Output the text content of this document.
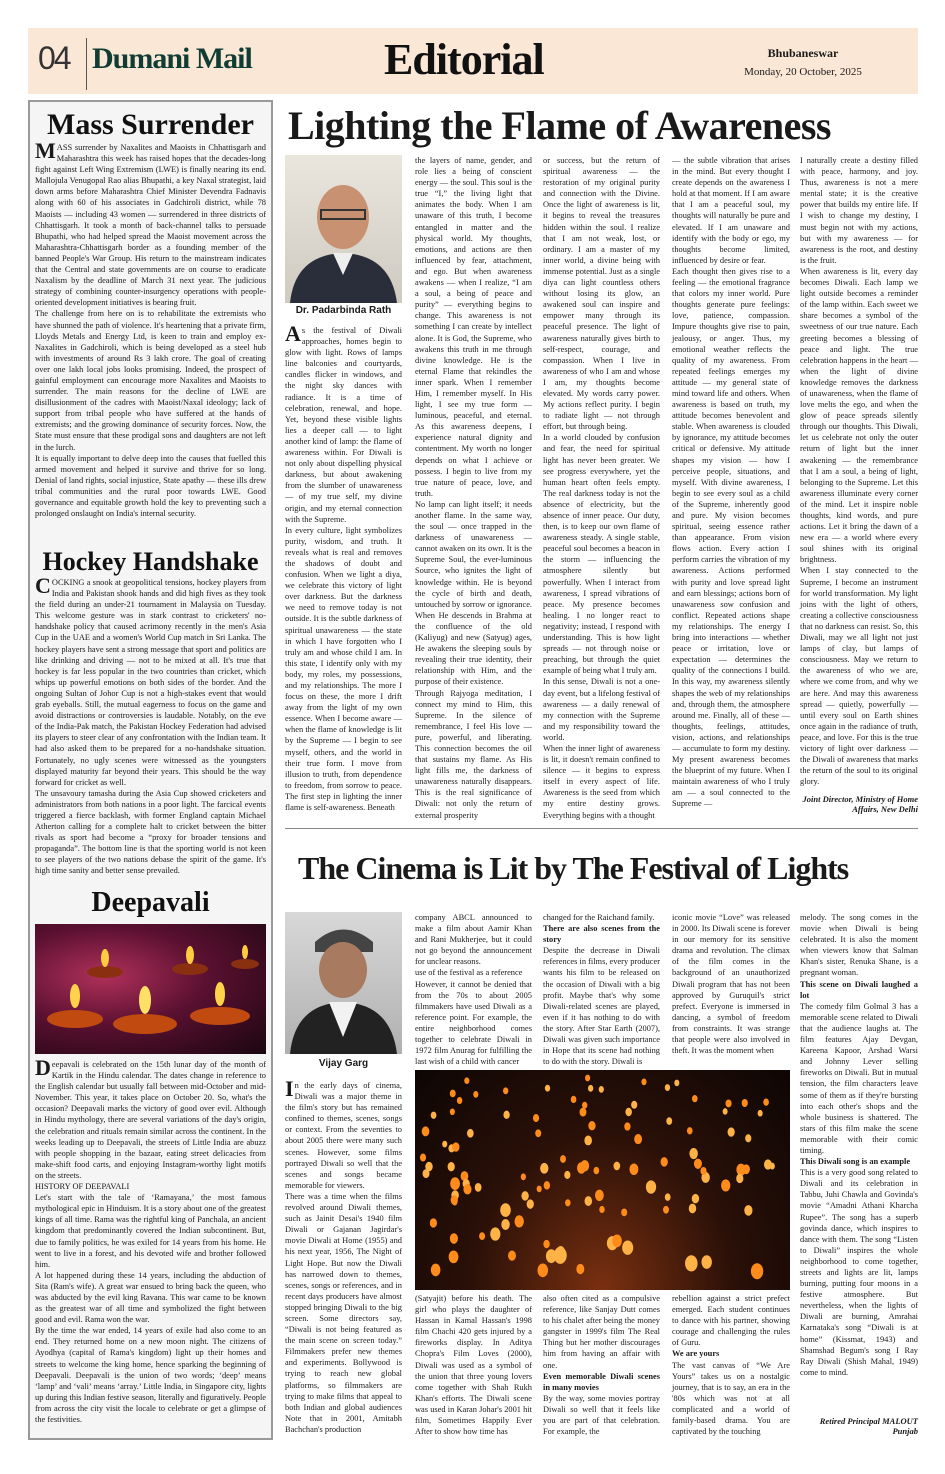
04 Dumani Mail	Editorial	Bhubaneswar
Monday, 20 October, 2025
Mass Surrender

MASS surrender by Naxalites and Maoists in Chhattisgarh and Maharashtra this week has raised hopes that the decades-long fight against Left Wing Extremism (LWE) is finally nearing its end. Mallojula Venugopal Rao alias Bhupathi, a key Naxal strategist, laid down arms before Maharashtra Chief Minister Devendra Fadnavis along with 60 of his associates in Gadchiroli district, while 78 Maoists — including 43 women — surrendered in three districts of Chhattisgarh. It took a month of back-channel talks to persuade Bhupathi, who had helped spread the Maoist movement across the Maharashtra-Chhattisgarh border as a founding member of the banned People's War Group. His return to the mainstream indicates that the Central and state governments are on course to eradicate Naxalism by the deadline of March 31 next year. The judicious strategy of combining counter-insurgency operations with people-oriented development initiatives is bearing fruit.

The challenge from here on is to rehabilitate the extremists who have shunned the path of violence. It's heartening that a private firm, Lloyds Metals and Energy Ltd, is keen to train and employ ex-Naxalites in Gadchiroli, which is being developed as a steel hub with investments of around Rs 3 lakh crore. The goal of creating over one lakh local jobs looks promising. Indeed, the prospect of gainful employment can encourage more Naxalites and Maoists to surrender. The main reasons for the decline of LWE are disillusionment of the cadres with Maoist/Naxal ideology; lack of support from tribal people who have suffered at the hands of extremists; and the growing dominance of security forces. Now, the State must ensure that these prodigal sons and daughters are not left in the lurch.

It is equally important to delve deep into the causes that fuelled this armed movement and helped it survive and thrive for so long. Denial of land rights, social injustice, State apathy — these ills drew tribal communities and the rural poor towards LWE. Good governance and equitable growth hold the key to preventing such a prolonged onslaught on India's internal security.

Hockey Handshake

COCKING a snook at geopolitical tensions, hockey players from India and Pakistan shook hands and did high fives as they took the field during an under-21 tournament in Malaysia on Tuesday. This welcome gesture was in stark contrast to cricketers' no-handshake policy that caused acrimony recently in the men's Asia Cup in the UAE and a women's World Cup match in Sri Lanka. The hockey players have sent a strong message that sport and politics are like drinking and driving — not to be mixed at all. It's true that hockey is far less popular in the two countries than cricket, which whips up powerful emotions on both sides of the border. And the ongoing Sultan of Johor Cup is not a high-stakes event that would grab eyeballs. Still, the mutual eagerness to focus on the game and avoid distractions or controversies is laudable. Notably, on the eve of the India-Pak match, the Pakistan Hockey Federation had advised its players to steer clear of any confrontation with the Indian team. It had also asked them to be prepared for a no-handshake situation. Fortunately, no ugly scenes were witnessed as the youngsters displayed maturity far beyond their years. This should be the way forward for cricket as well.

The unsavoury tamasha during the Asia Cup showed cricketers and administrators from both nations in a poor light. The farcical events triggered a fierce backlash, with former England captain Michael Atherton calling for a complete halt to cricket between the bitter rivals as sport had become a “proxy for broader tensions and propaganda”. The bottom line is that the sporting world is not keen to see players of the two nations debase the spirit of the game. It's high time sanity and better sense prevailed.

Deepavali

Deepavali is celebrated on the 15th lunar day of the month of Kartik in the Hindu calendar. The dates change in reference to the English calendar but usually fall between mid-October and mid-November. This year, it takes place on October 20. So, what's the occasion? Deepavali marks the victory of good over evil. Although in Hindu mythology, there are several variations of the day's origin, the celebration and rituals remain similar across the continent. In the weeks leading up to Deepavali, the streets of Little India are abuzz with people shopping in the bazaar, eating street delicacies from make-shift food carts, and enjoying Instagram-worthy light motifs on the streets.

HISTORY OF DEEPAVALI

Let's start with the tale of ‘Ramayana,’ the most famous mythological epic in Hinduism. It is a story about one of the greatest kings of all time. Rama was the rightful king of Panchala, an ancient kingdom that predominantly covered the Indian subcontinent. But, due to family politics, he was exiled for 14 years from his home. He went to live in a forest, and his devoted wife and brother followed him.

A lot happened during these 14 years, including the abduction of Sita (Ram's wife). A great war ensued to bring back the queen, who was abducted by the evil king Ravana. This war came to be known as the greatest war of all time and symbolized the fight between good and evil. Rama won the war.

By the time the war ended, 14 years of exile had also come to an end. They returned home on a new moon night. The citizens of Ayodhya (capital of Rama's kingdom) light up their homes and streets to welcome the king home, hence sparking the beginning of Deepavali. Deepavali is the union of two words; ‘deep’ means ‘lamp’ and ‘vali’ means ‘array.’ Little India, in Singapore city, lights up during this Indian festive season, literally and figuratively. People from across the city visit the locale to celebrate or get a glimpse of the festivities.

Lighting the Flame of Awareness
Dr. Padarbinda Rath

As the festival of Diwali approaches, homes begin to glow with light. Rows of lamps line balconies and courtyards, candles flicker in windows, and the night sky dances with radiance. It is a time of celebration, renewal, and hope. Yet, beyond these visible lights lies a deeper call — to light another kind of lamp: the flame of awareness within. For Diwali is not only about dispelling physical darkness, but about awakening from the slumber of unawareness — of my true self, my divine origin, and my eternal connection with the Supreme.

In every culture, light symbolizes purity, wisdom, and truth. It reveals what is real and removes the shadows of doubt and confusion. When we light a diya, we celebrate this victory of light over darkness. But the darkness we need to remove today is not outside. It is the subtle darkness of spiritual unawareness — the state in which I have forgotten who I truly am and whose child I am. In this state, I identify only with my body, my roles, my possessions, and my relationships. The more I focus on these, the more I drift away from the light of my own essence. When I become aware — when the flame of knowledge is lit by the Supreme — I begin to see myself, others, and the world in their true form. I move from illusion to truth, from dependence to freedom, from sorrow to peace. The first step in lighting the inner flame is self-awareness. Beneath

the layers of name, gender, and role lies a being of conscient energy — the soul. This soul is the true “I,” the living light that animates the body. When I am unaware of this truth, I become entangled in matter and the physical world. My thoughts, emotions, and actions are then influenced by fear, attachment, and ego. But when awareness awakens — when I realize, “I am a soul, a being of peace and purity” — everything begins to change. This awareness is not something I can create by intellect alone. It is God, the Supreme, who awakens this truth in me through divine knowledge. He is the eternal Flame that rekindles the inner spark. When I remember Him, I remember myself. In His light, I see my true form — luminous, peaceful, and eternal. As this awareness deepens, I experience natural dignity and contentment. My worth no longer depends on what I achieve or possess. I begin to live from my true nature of peace, love, and truth.

No lamp can light itself; it needs another flame. In the same way, the soul — once trapped in the darkness of unawareness — cannot awaken on its own. It is the Supreme Soul, the ever-luminous Source, who ignites the light of knowledge within. He is beyond the cycle of birth and death, untouched by sorrow or ignorance. When He descends in Brahma at the confluence of the old (Kaliyug) and new (Satyug) ages, He awakens the sleeping souls by revealing their true identity, their relationship with Him, and the purpose of their existence.

Through Rajyoga meditation, I connect my mind to Him, this Supreme. In the silence of remembrance, I feel His love — pure, powerful, and liberating. This connection becomes the oil that sustains my flame. As His light fills me, the darkness of unawareness naturally disappears. This is the real significance of Diwali: not only the return of external prosperity

or success, but the return of spiritual awareness — the restoration of my original purity and connection with the Divine. Once the light of awareness is lit, it begins to reveal the treasures hidden within the soul. I realize that I am not weak, lost, or ordinary. I am a master of my inner world, a divine being with immense potential. Just as a single diya can light countless others without losing its glow, an awakened soul can inspire and empower many through its peaceful presence. The light of awareness naturally gives birth to self-respect, courage, and compassion. When I live in awareness of who I am and whose I am, my thoughts become elevated. My words carry power. My actions reflect purity. I begin to radiate light — not through effort, but through being.

In a world clouded by confusion and fear, the need for spiritual light has never been greater. We see progress everywhere, yet the human heart often feels empty. The real darkness today is not the absence of electricity, but the absence of inner peace. Our duty, then, is to keep our own flame of awareness steady. A single stable, peaceful soul becomes a beacon in the storm — influencing the atmosphere silently but powerfully. When I interact from awareness, I spread vibrations of peace. My presence becomes healing. I no longer react to negativity; instead, I respond with understanding. This is how light spreads — not through noise or preaching, but through the quiet example of being what I truly am.

In this sense, Diwali is not a one-day event, but a lifelong festival of awareness — a daily renewal of my connection with the Supreme and my responsibility toward the world.

When the inner light of awareness is lit, it doesn't remain confined to silence — it begins to express itself in every aspect of life. Awareness is the seed from which my entire destiny grows. Everything begins with a thought

— the subtle vibration that arises in the mind. But every thought I create depends on the awareness I hold at that moment. If I am aware that I am a peaceful soul, my thoughts will naturally be pure and elevated. If I am unaware and identify with the body or ego, my thoughts become limited, influenced by desire or fear.

Each thought then gives rise to a feeling — the emotional fragrance that colors my inner world. Pure thoughts generate pure feelings: love, patience, compassion. Impure thoughts give rise to pain, jealousy, or anger. Thus, my emotional weather reflects the quality of my awareness. From repeated feelings emerges my attitude — my general state of mind toward life and others. When awareness is based on truth, my attitude becomes benevolent and stable. When awareness is clouded by ignorance, my attitude becomes critical or defensive. My attitude shapes my vision — how I perceive people, situations, and myself. With divine awareness, I begin to see every soul as a child of the Supreme, inherently good and pure. My vision becomes spiritual, seeing essence rather than appearance. From vision flows action. Every action I perform carries the vibration of my awareness. Actions performed with purity and love spread light and earn blessings; actions born of unawareness sow confusion and conflict. Repeated actions shape my relationships. The energy I bring into interactions — whether peace or irritation, love or expectation — determines the quality of the connections I build. In this way, my awareness silently shapes the web of my relationships and, through them, the atmosphere around me. Finally, all of these — thoughts, feelings, attitudes, vision, actions, and relationships — accumulate to form my destiny. My present awareness becomes the blueprint of my future. When I maintain awareness of who I truly am — a soul connected to the Supreme —

I naturally create a destiny filled with peace, harmony, and joy. Thus, awareness is not a mere mental state; it is the creative power that builds my entire life. If I wish to change my destiny, I must begin not with my actions, but with my awareness — for awareness is the root, and destiny is the fruit.

When awareness is lit, every day becomes Diwali. Each lamp we light outside becomes a reminder of the lamp within. Each sweet we share becomes a symbol of the sweetness of our true nature. Each greeting becomes a blessing of peace and light. The true celebration happens in the heart — when the light of divine knowledge removes the darkness of unawareness, when the flame of love melts the ego, and when the glow of peace spreads silently through our thoughts. This Diwali, let us celebrate not only the outer return of light but the inner awakening — the remembrance that I am a soul, a being of light, belonging to the Supreme. Let this awareness illuminate every corner of the mind. Let it inspire noble thoughts, kind words, and pure actions. Let it bring the dawn of a new era — a world where every soul shines with its original brightness.

When I stay connected to the Supreme, I become an instrument for world transformation. My light joins with the light of others, creating a collective consciousness that no darkness can resist. So, this Diwali, may we all light not just lamps of clay, but lamps of consciousness. May we return to the awareness of who we are, where we come from, and why we are here. And may this awareness spread — quietly, powerfully — until every soul on Earth shines once again in the radiance of truth, peace, and love. For this is the true victory of light over darkness — the Diwali of awareness that marks the return of the soul to its original glory.

Joint Director, Ministry of Home Affairs, New Delhi
The Cinema is Lit by The Festival of Lights
Vijay Garg

In the early days of cinema, Diwali was a major theme in the film's story but has remained confined to themes, scenes, songs or context. From the seventies to about 2005 there were many such scenes. However, some films portrayed Diwali so well that the scenes and songs became memorable for viewers.

There was a time when the films revolved around Diwali themes, such as Jainit Desai's 1940 film Diwali or Gajanan Jagirdar's movie Diwali at Home (1955) and his next year, 1956, The Night of Light Hope. But now the Diwali has narrowed down to themes, scenes, songs or references, and in recent days producers have almost stopped bringing Diwali to the big screen. Some directors say, “Diwali is not being featured as the main scene on screen today.” Filmmakers prefer new themes and experiments. Bollywood is trying to reach new global platforms, so filmmakers are trying to make films that appeal to both Indian and global audiences Note that in 2001, Amitabh Bachchan's production

company ABCL announced to make a film about Aamir Khan and Rani Mukherjee, but it could not go beyond the announcement for unclear reasons.

use of the festival as a reference

However, it cannot be denied that from the 70s to about 2005 filmmakers have used Diwali as a reference point. For example, the entire neighborhood comes together to celebrate Diwali in 1972 film Anurag for fulfilling the last wish of a child with cancer

changed for the Raichand family.

There are also scenes from the story

Despite the decrease in Diwali references in films, every producer wants his film to be released on the occasion of Diwali with a big profit. Maybe that's why some Diwali-related scenes are played, even if it has nothing to do with the story. After Star Earth (2007), Diwali was given such importance in Hope that its scene had nothing to do with the story. Diwali is

iconic movie “Love” was released in 2000. Its Diwali scene is forever in our memory for its sensitive drama and revolution. The climax of the film comes in the background of an unauthorized Diwali program that has not been approved by Guruquil's strict prefect. Everyone is immersed in dancing, a symbol of freedom from constraints. It was strange that people were also involved in theft. It was the moment when

(Satyajit) before his death. The girl who plays the daughter of Hassan in Kamal Hassan's 1998 film Chachi 420 gets injured by a fireworks display. In Aditya Chopra's Film Loves (2000), Diwali was used as a symbol of the union that three young lovers come together with Shah Rukh Khan's efforts. The Diwali scene was used in Karan Johar's 2001 hit film, Sometimes Happily Ever After to show how time has

also often cited as a compulsive reference, like Sanjay Dutt comes to his chalet after being the money gangster in 1999's film The Real Thing but her mother discourages him from having an affair with one.

Even memorable Diwali scenes in many movies

By the way, some movies portray Diwali so well that it feels like you are part of that celebration. For example, the

rebellion against a strict prefect emerged. Each student continues to dance with his partner, showing courage and challenging the rules of Guru.

We are yours

The vast canvas of “We Are Yours” takes us on a nostalgic journey, that is to say, an era in the '80s which was not at all complicated and a world of family-based drama. You are captivated by the touching

melody. The song comes in the movie when Diwali is being celebrated. It is also the moment when viewers know that Salman Khan's sister, Renuka Shane, is a pregnant woman.

This scene on Diwali laughed a lot

The comedy film Golmal 3 has a memorable scene related to Diwali that the audience laughs at. The film features Ajay Devgan, Kareena Kapoor, Arshad Warsi and Johnny Lever selling fireworks on Diwali. But in mutual tension, the film characters leave some of them as if they're bursting into each other's shops and the whole business is shattered. The stars of this film make the scene memorable with their comic timing.

This Diwali song is an example

This is a very good song related to Diwali and its celebration in Tabbu, Juhi Chawla and Govinda's movie “Amadni Athani Kharcha Rupee”. The song has a superb govinda dance, which inspires to dance with them. The song “Listen to Diwali” inspires the whole neighborhood to come together, streets and lights are lit, lamps burning, putting four moons in a festive atmosphere. But nevertheless, when the lights of Diwali are burning, Amrahai Karnataka's song “Diwali is at home” (Kissmat, 1943) and Shamshad Begum's song I Ray Ray Diwali (Shish Mahal, 1949) come to mind.

Retired Principal MALOUT Punjab
